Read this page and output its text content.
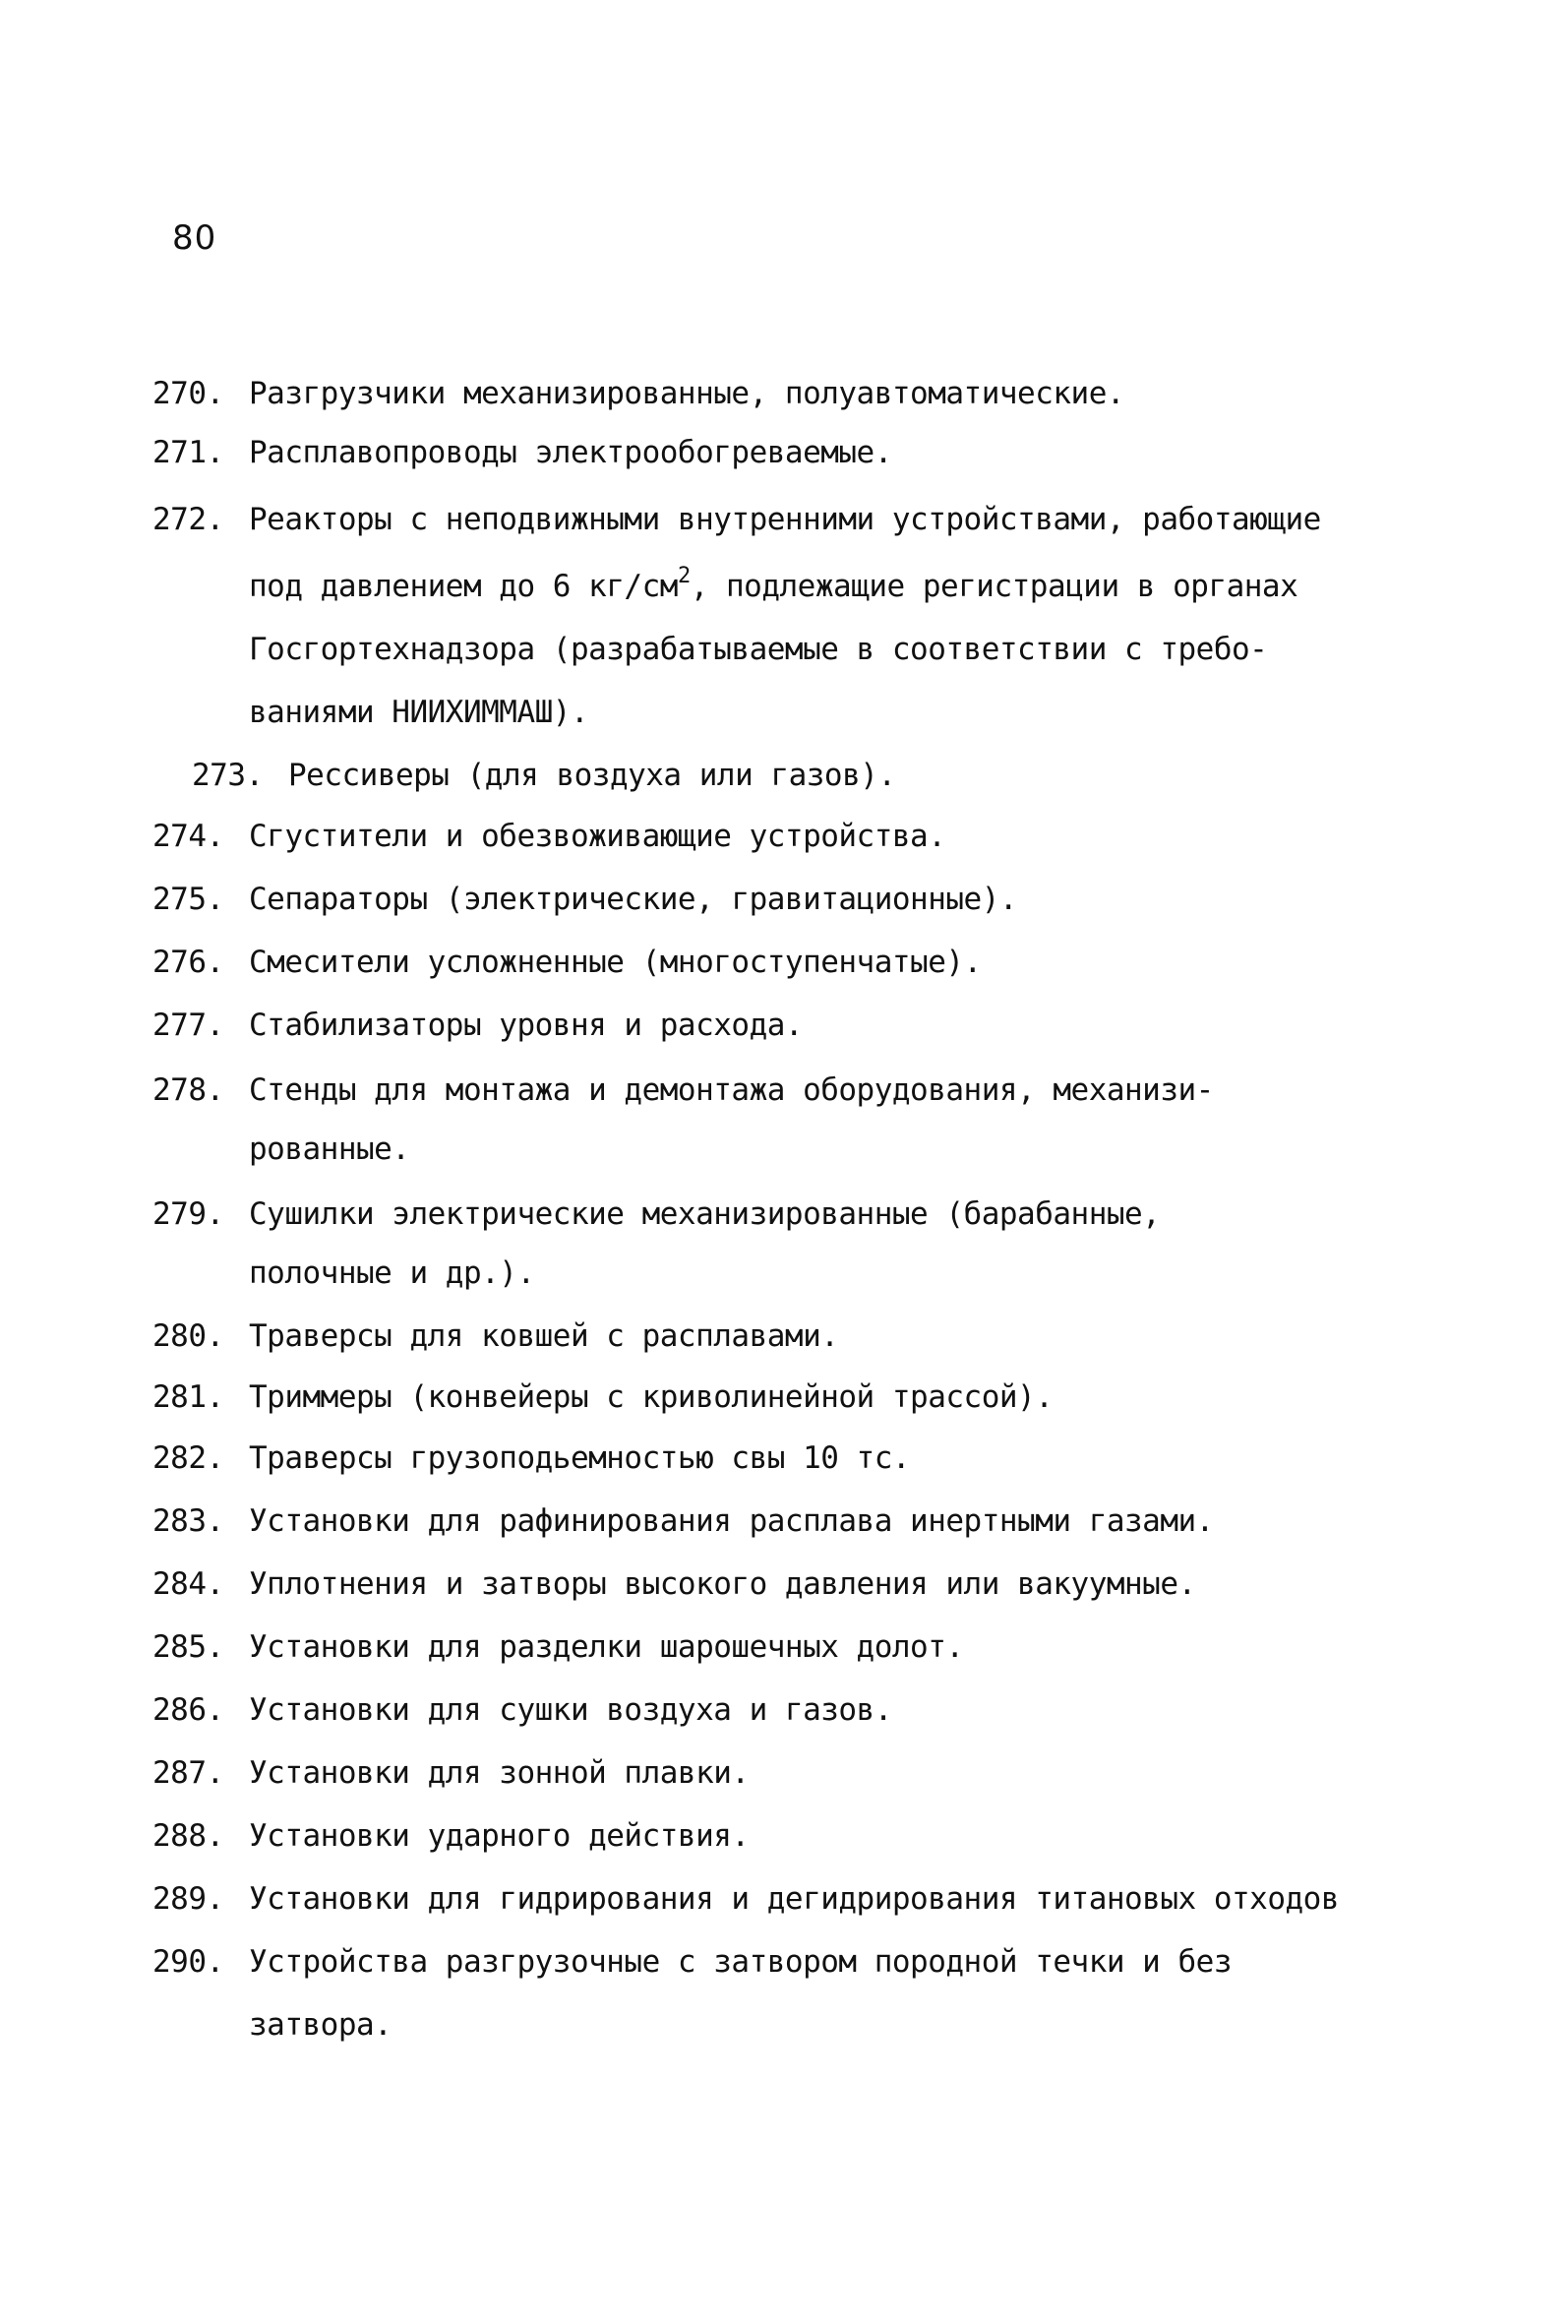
80
270. Разгрузчики механизированные, полуавтоматические.
271. Расплавопроводы электрообогреваемые.
272. Реакторы с неподвижными внутренними устройствами, работающие
под давлением до 6 $кг/см^2$, подлежащие регистрации в органах
Госгортехнадзора (разрабатываемые в соответствии с требо-
ваниями НИИХИММАШ).
273. Рессиверы (для воздуха или газов).
274. Сгустители и обезвоживающие устройства.
275. Сепараторы (электрические, гравитационные).
276. Смесители усложненные (многоступенчатые).
277. Стабилизаторы уровня и расхода.
278. Стенды для монтажа и демонтажа оборудования, механизи-
рованные.
279. Сушилки электрические механизированные (барабанные,
полочные и др.).
280. Траверсы для ковшей с расплавами.
281. Триммеры (конвейеры с криволинейной трассой).
282. Траверсы грузоподьемностью свы 10 тс.
283. Установки для рафинирования расплава инертными газами.
284. Уплотнения и затворы высокого давления или вакуумные.
285. Установки для разделки шарошечных долот.
286. Установки для сушки воздуха и газов.
287. Установки для зонной плавки.
288. Установки ударного действия.
289. Установки для гидрирования и дегидрирования титановых отходов
290. Устройства разгрузочные с затвором породной течки и без
затвора.
